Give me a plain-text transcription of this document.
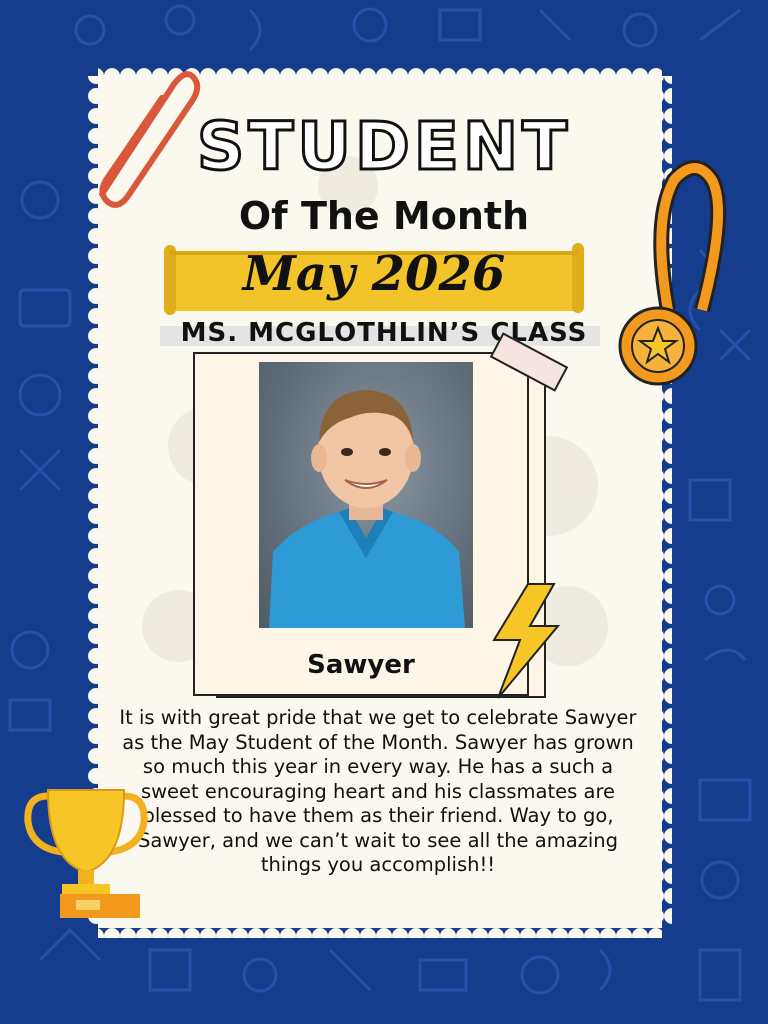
STUDENT
Of The Month
May 2026
MS. MCGLOTHLIN’S CLASS
Sawyer
It is with great pride that we get to celebrate Sawyer as the May Student of the Month. Sawyer has grown so much this year in every way. He has a such a sweet encouraging heart and his classmates are blessed to have them as their friend. Way to go, Sawyer, and we can’t wait to see all the amazing things you accomplish!!
